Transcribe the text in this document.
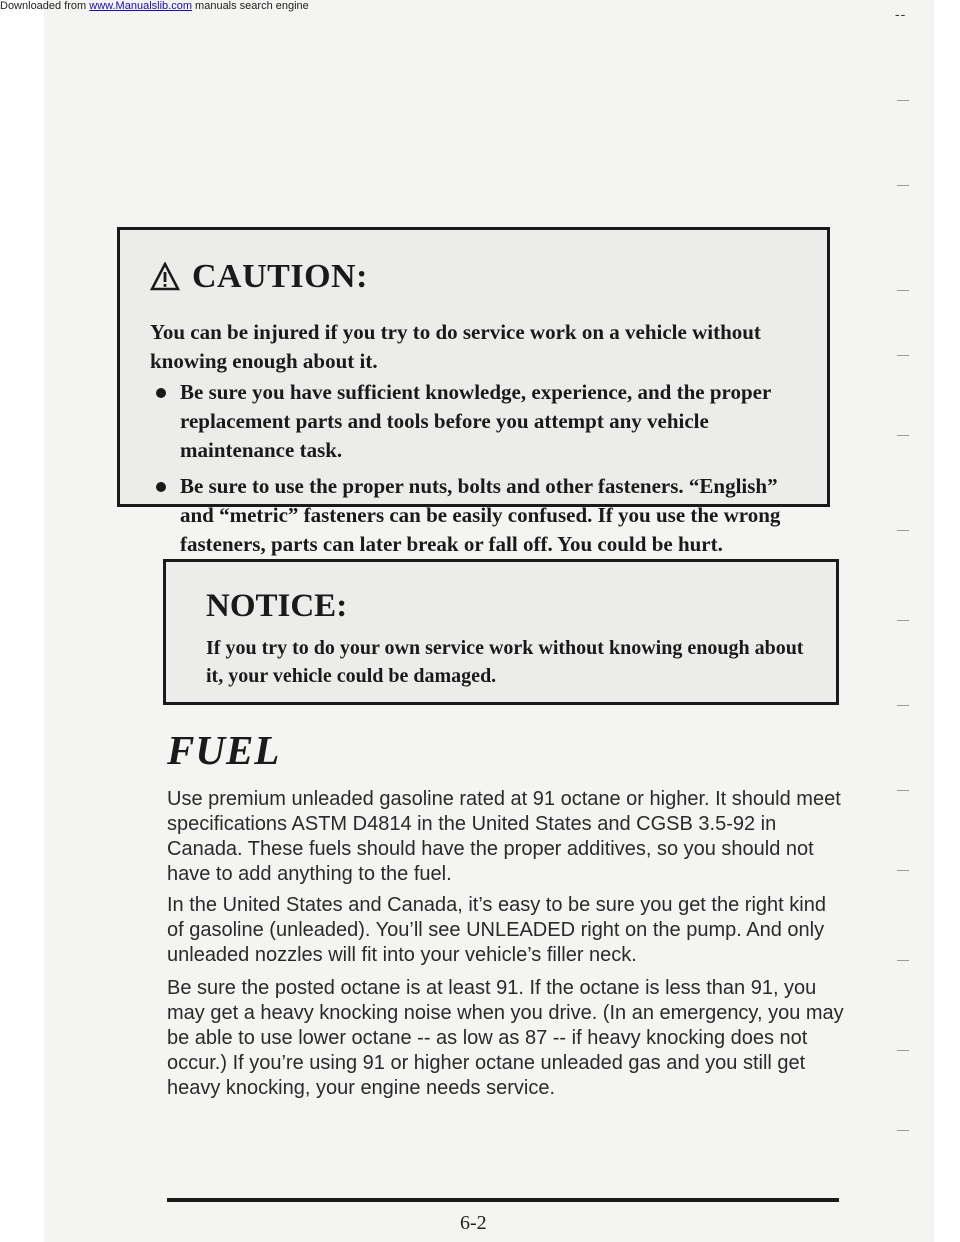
Downloaded from www.Manualslib.com manuals search engine	--
CAUTION:
You can be injured if you try to do service work on a vehicle without knowing enough about it.
Be sure you have sufficient knowledge, experience, and the proper replacement parts and tools before you attempt any vehicle maintenance task.
Be sure to use the proper nuts, bolts and other fasteners. “English” and “metric” fasteners can be easily confused. If you use the wrong fasteners, parts can later break or fall off. You could be hurt.
NOTICE:
If you try to do your own service work without knowing enough about it, your vehicle could be damaged.
FUEL

Use premium unleaded gasoline rated at 91 octane or higher. It should meet specifications ASTM D4814 in the United States and CGSB 3.5-92 in Canada. These fuels should have the proper additives, so you should not have to add anything to the fuel.

In the United States and Canada, it’s easy to be sure you get the right kind of gasoline (unleaded). You’ll see UNLEADED right on the pump. And only unleaded nozzles will fit into your vehicle’s filler neck.

Be sure the posted octane is at least 91. If the octane is less than 91, you may get a heavy knocking noise when you drive. (In an emergency, you may be able to use lower octane -- as low as 87 -- if heavy knocking does not occur.) If you’re using 91 or higher octane unleaded gas and you still get heavy knocking, your engine needs service.

6-2
